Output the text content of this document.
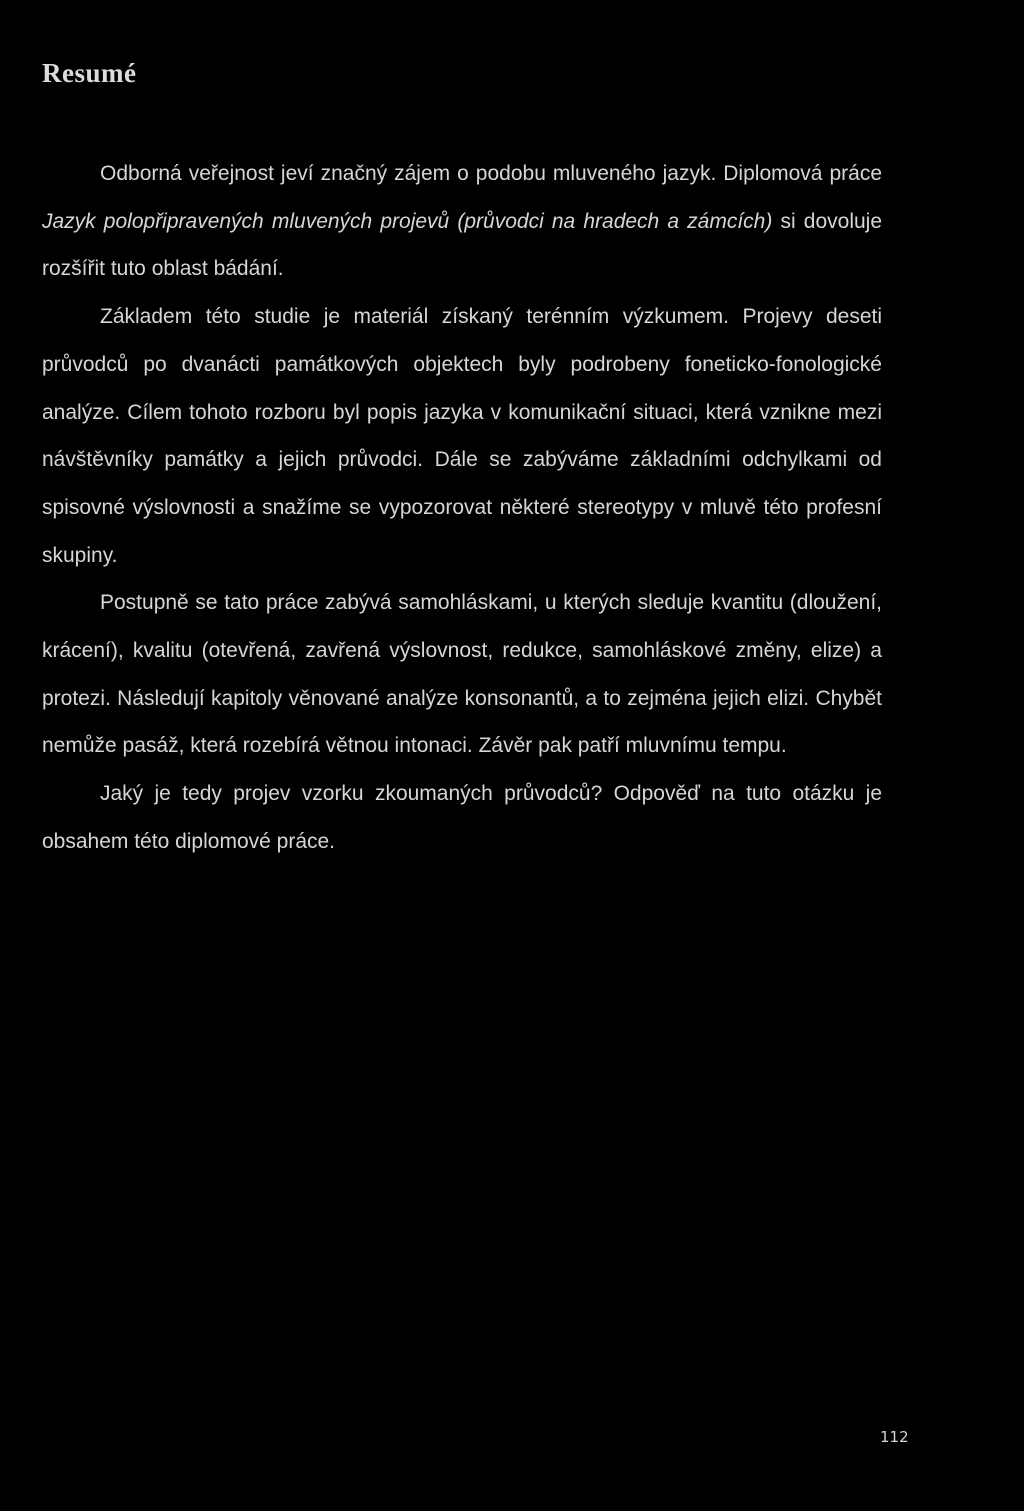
Resumé

Odborná veřejnost jeví značný zájem o podobu mluveného jazyk. Diplomová práce Jazyk polopřipravených mluvených projevů (průvodci na hradech a zámcích) si dovoluje rozšířit tuto oblast bádání.

Základem této studie je materiál získaný terénním výzkumem. Projevy deseti průvodců po dvanácti památkových objektech byly podrobeny foneticko-fonologické analýze. Cílem tohoto rozboru byl popis jazyka v komunikační situaci, která vznikne mezi návštěvníky památky a jejich průvodci. Dále se zabýváme základními odchylkami od spisovné výslovnosti a snažíme se vypozorovat některé stereotypy v mluvě této profesní skupiny.

Postupně se tato práce zabývá samohláskami, u kterých sleduje kvantitu (dloužení, krácení), kvalitu (otevřená, zavřená výslovnost, redukce, samohláskové změny, elize) a protezi. Následují kapitoly věnované analýze konsonantů, a to zejména jejich elizi. Chybět nemůže pasáž, která rozebírá větnou intonaci. Závěr pak patří mluvnímu tempu.

Jaký je tedy projev vzorku zkoumaných průvodců? Odpověď na tuto otázku je obsahem této diplomové práce.

112
